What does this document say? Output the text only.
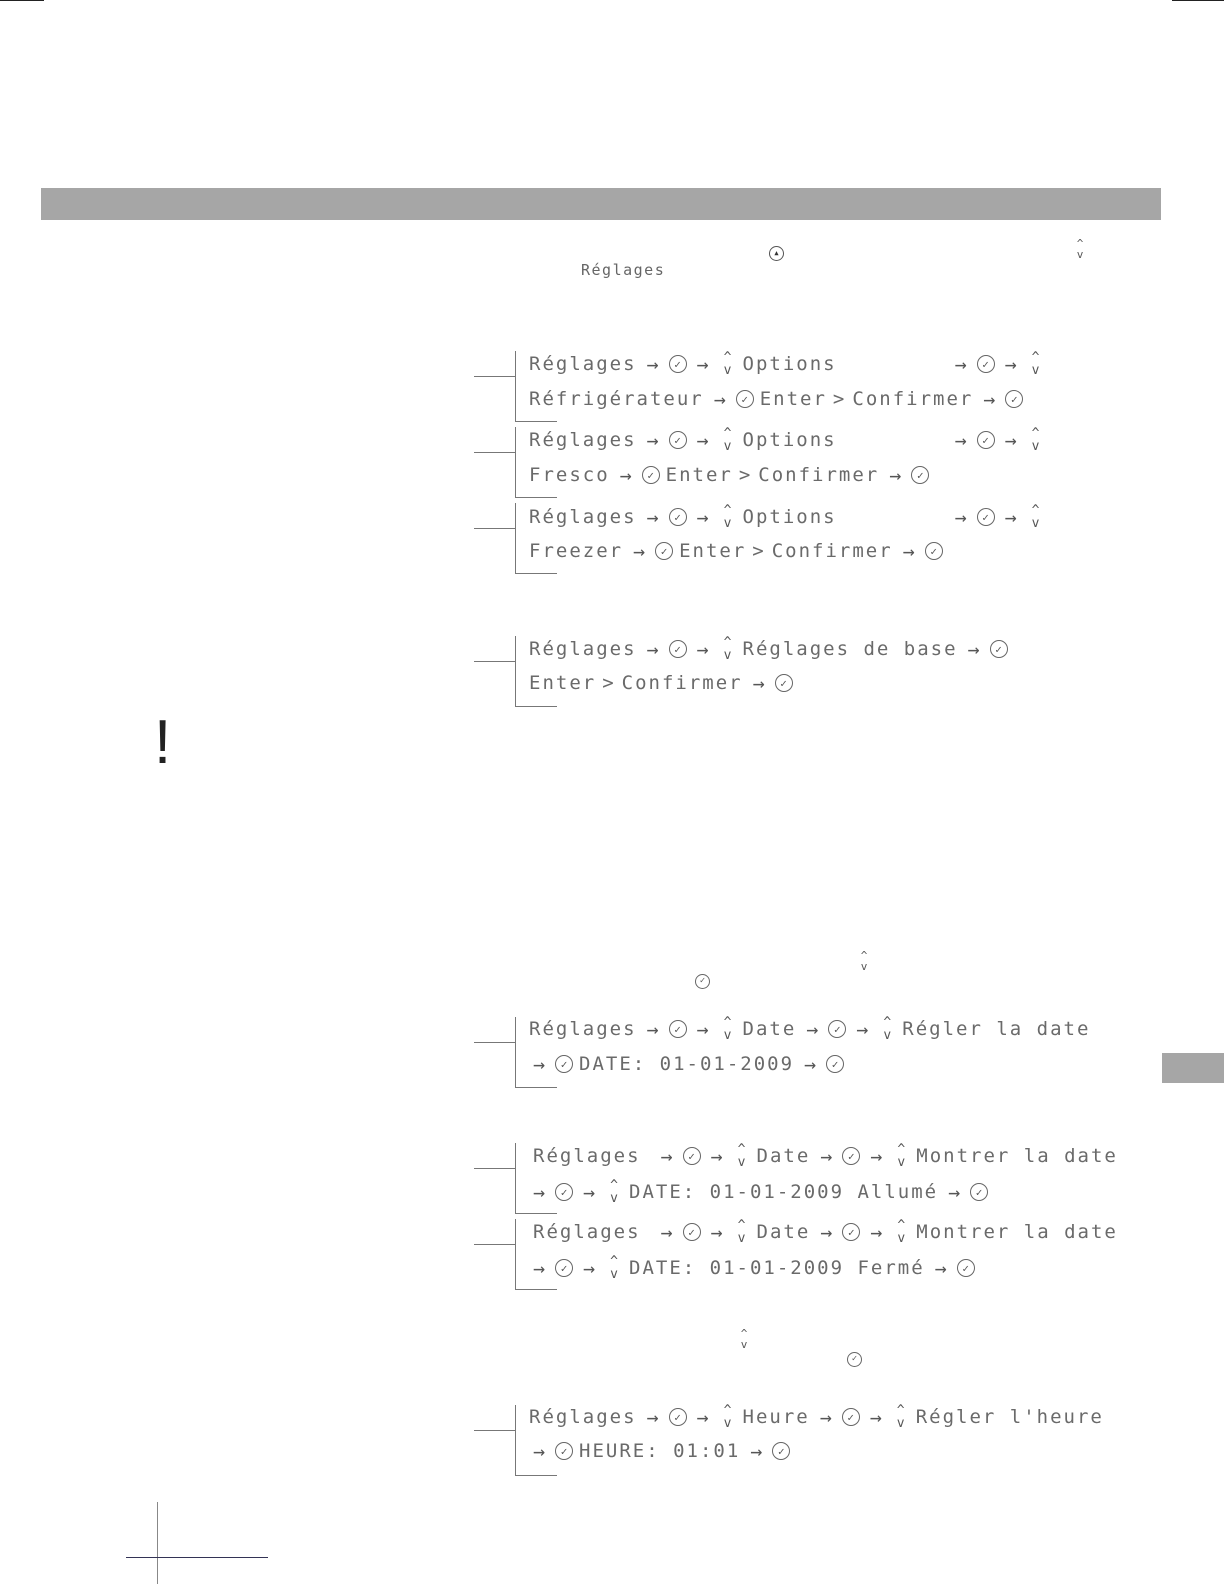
▲
^
v
Réglages
Réglages →	✓ →	^
v Options	→	✓ →	^
v
Réfrigérateur →	✓ Enter > Confirmer →	✓
Réglages →	✓ →	^
v Options	→	✓ →	^
v
Fresco →	✓ Enter > Confirmer →	✓
Réglages →	✓ →	^
v Options	→	✓ →	^
v
Freezer →	✓ Enter > Confirmer →	✓
Réglages →	✓ →	^
v Réglages de base →	✓
Enter > Confirmer →	✓
!
^
v
✓
Réglages →	✓ →	^
v Date →	✓ →	^
v Régler la date
→	✓ DATE: 01-01-2009 →	✓
Réglages →	✓ →	^
v Date →	✓ →	^
v Montrer la date
→	✓ →	^
v DATE: 01-01-2009 Allumé →	✓
Réglages →	✓ →	^
v Date →	✓ →	^
v Montrer la date
→	✓ →	^
v DATE: 01-01-2009 Fermé →	✓
^
v
✓
Réglages →	✓ →	^
v Heure →	✓ →	^
v Régler l'heure
→	✓ HEURE: 01:01 →	✓
